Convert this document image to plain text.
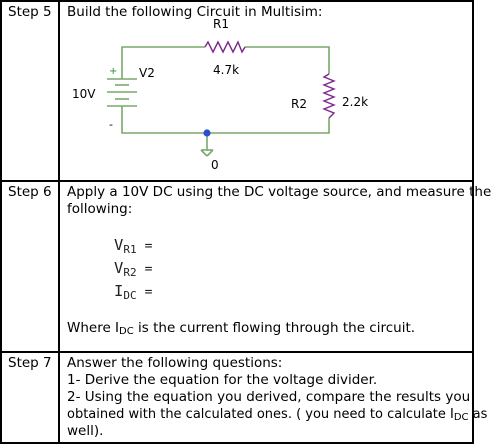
Step 5 Build the following Circuit in Multisim:
R1
4.7k
R2	2.2k
V2
10V
+
-
0
Step 6 Apply a 10V DC using the DC voltage source, and measure the
following:
VR1 =
VR2 =
IDC =
Where IDC is the current flowing through the circuit.
Step 7 Answer the following questions:
1- Derive the equation for the voltage divider.
2- Using the equation you derived, compare the results you
obtained with the calculated ones. ( you need to calculate IDC as
well).
